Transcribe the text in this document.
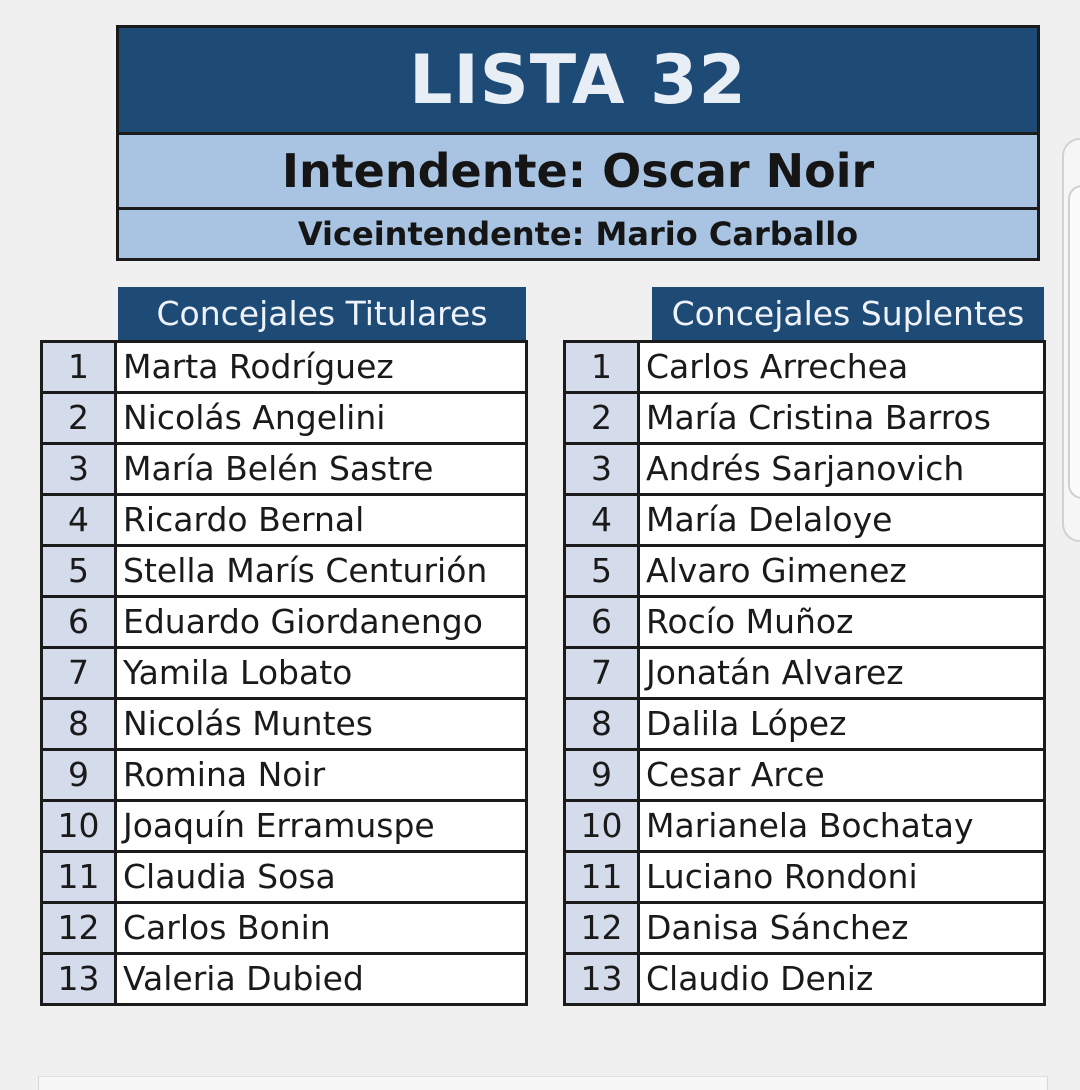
LISTA 32
Intendente: Oscar Noir
Viceintendente: Mario Carballo
Concejales Titulares	Concejales Suplentes
1	Marta Rodríguez
2	Nicolás Angelini
3	María Belén Sastre
4	Ricardo Bernal
5	Stella Marís Centurión
6	Eduardo Giordanengo
7	Yamila Lobato
8	Nicolás Muntes
9	Romina Noir
10	Joaquín Erramuspe
11	Claudia Sosa
12	Carlos Bonin
13	Valeria Dubied
1	Carlos Arrechea
2	María Cristina Barros
3	Andrés Sarjanovich
4	María Delaloye
5	Alvaro Gimenez
6	Rocío Muñoz
7	Jonatán Alvarez
8	Dalila López
9	Cesar Arce
10	Marianela Bochatay
11	Luciano Rondoni
12	Danisa Sánchez
13	Claudio Deniz
